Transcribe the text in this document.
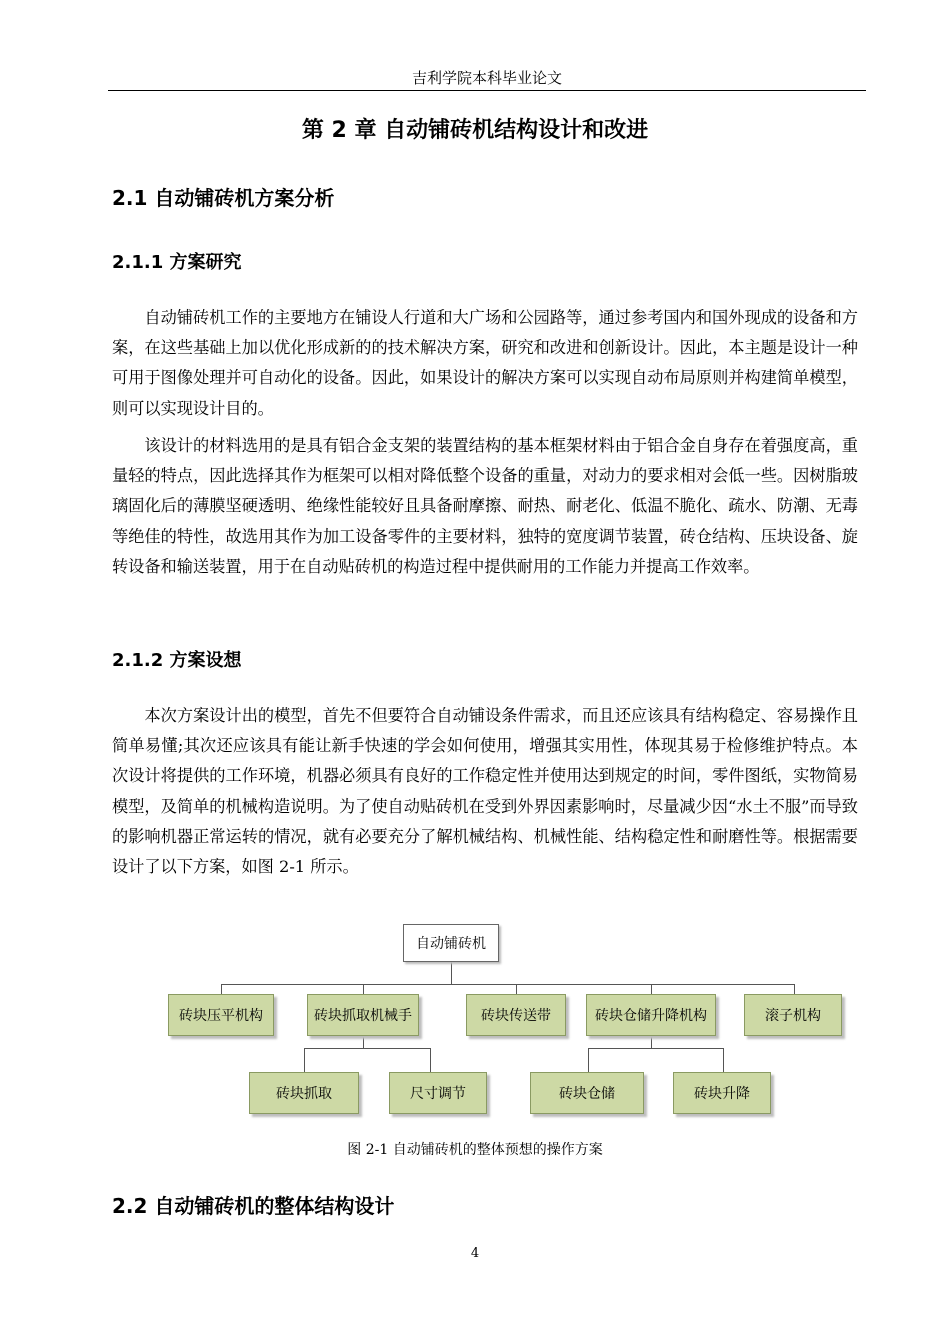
吉利学院本科毕业论文
第 2 章 自动铺砖机结构设计和改进
2.1 自动铺砖机方案分析
2.1.1 方案研究

自动铺砖机工作的主要地方在铺设人行道和大广场和公园路等，通过参考国内和国外现成的设备和方案，在这些基础上加以优化形成新的的技术解决方案，研究和改进和创新设计。因此，本主题是设计一种可用于图像处理并可自动化的设备。因此，如果设计的解决方案可以实现自动布局原则并构建简单模型，则可以实现设计目的。

该设计的材料选用的是具有铝合金支架的装置结构的基本框架材料由于铝合金自身存在着强度高，重量轻的特点，因此选择其作为框架可以相对降低整个设备的重量，对动力的要求相对会低一些。因树脂玻璃固化后的薄膜坚硬透明、绝缘性能较好且具备耐摩擦、耐热、耐老化、低温不脆化、疏水、防潮、无毒等绝佳的特性，故选用其作为加工设备零件的主要材料，独特的宽度调节装置，砖仓结构、压块设备、旋转设备和输送装置，用于在自动贴砖机的构造过程中提供耐用的工作能力并提高工作效率。

2.1.2 方案设想

本次方案设计出的模型，首先不但要符合自动铺设条件需求，而且还应该具有结构稳定、容易操作且简单易懂;其次还应该具有能让新手快速的学会如何使用，增强其实用性，体现其易于检修维护特点。本次设计将提供的工作环境，机器必须具有良好的工作稳定性并使用达到规定的时间，零件图纸，实物简易模型，及简单的机械构造说明。为了使自动贴砖机在受到外界因素影响时，尽量减少因“水土不服”而导致的影响机器正常运转的情况，就有必要充分了解机械结构、机械性能、结构稳定性和耐磨性等。根据需要设计了以下方案，如图 2-1 所示。

自动铺砖机
砖块压平机构	砖块抓取机械手	砖块传送带	砖块仓储升降机构	滚子机构
砖块抓取	尺寸调节	砖块仓储	砖块升降
图 2-1 自动铺砖机的整体预想的操作方案
2.2 自动铺砖机的整体结构设计
4
